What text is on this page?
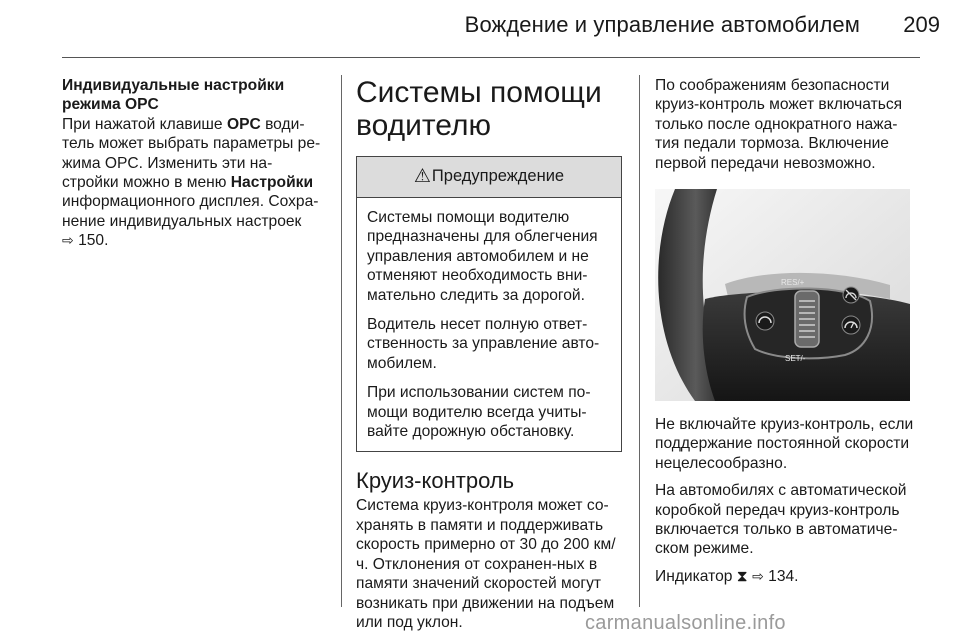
Вождение и управление автомобилем	209

Индивидуальные настройки
режима OPC

При нажатой клавише OPC води-тель может выбрать параметры ре-жима OPC. Изменить эти на-стройки можно в меню Настройки информационного дисплея. Сохра-нение индивидуальных настроек
⇨ 150.

Системы помощи водителю
⚠ Предупреждение

Системы помощи водителю предназначены для облегчения управления автомобилем и не отменяют необходимость вни-мательно следить за дорогой.

Водитель несет полную ответ-ственность за управление авто-мобилем.

При использовании систем по-мощи водителю всегда учиты-вайте дорожную обстановку.

Круиз-контроль

Система круиз-контроля может со-хранять в памяти и поддерживать скорость примерно от 30 до 200 км/ч. Отклонения от сохранен-ных в памяти значений скоростей могут возникать при движении на подъем или под уклон.

По соображениям безопасности круиз-контроль может включаться только после однократного нажа-тия педали тормоза. Включение первой передачи невозможно.

RES/+
SET/-

Не включайте круиз-контроль, если поддержание постоянной скорости нецелесообразно.

На автомобилях с автоматической коробкой передач круиз-контроль включается только в автоматиче-ском режиме.

Индикатор ⧗ ⇨ 134.

carmanualsonline.info
